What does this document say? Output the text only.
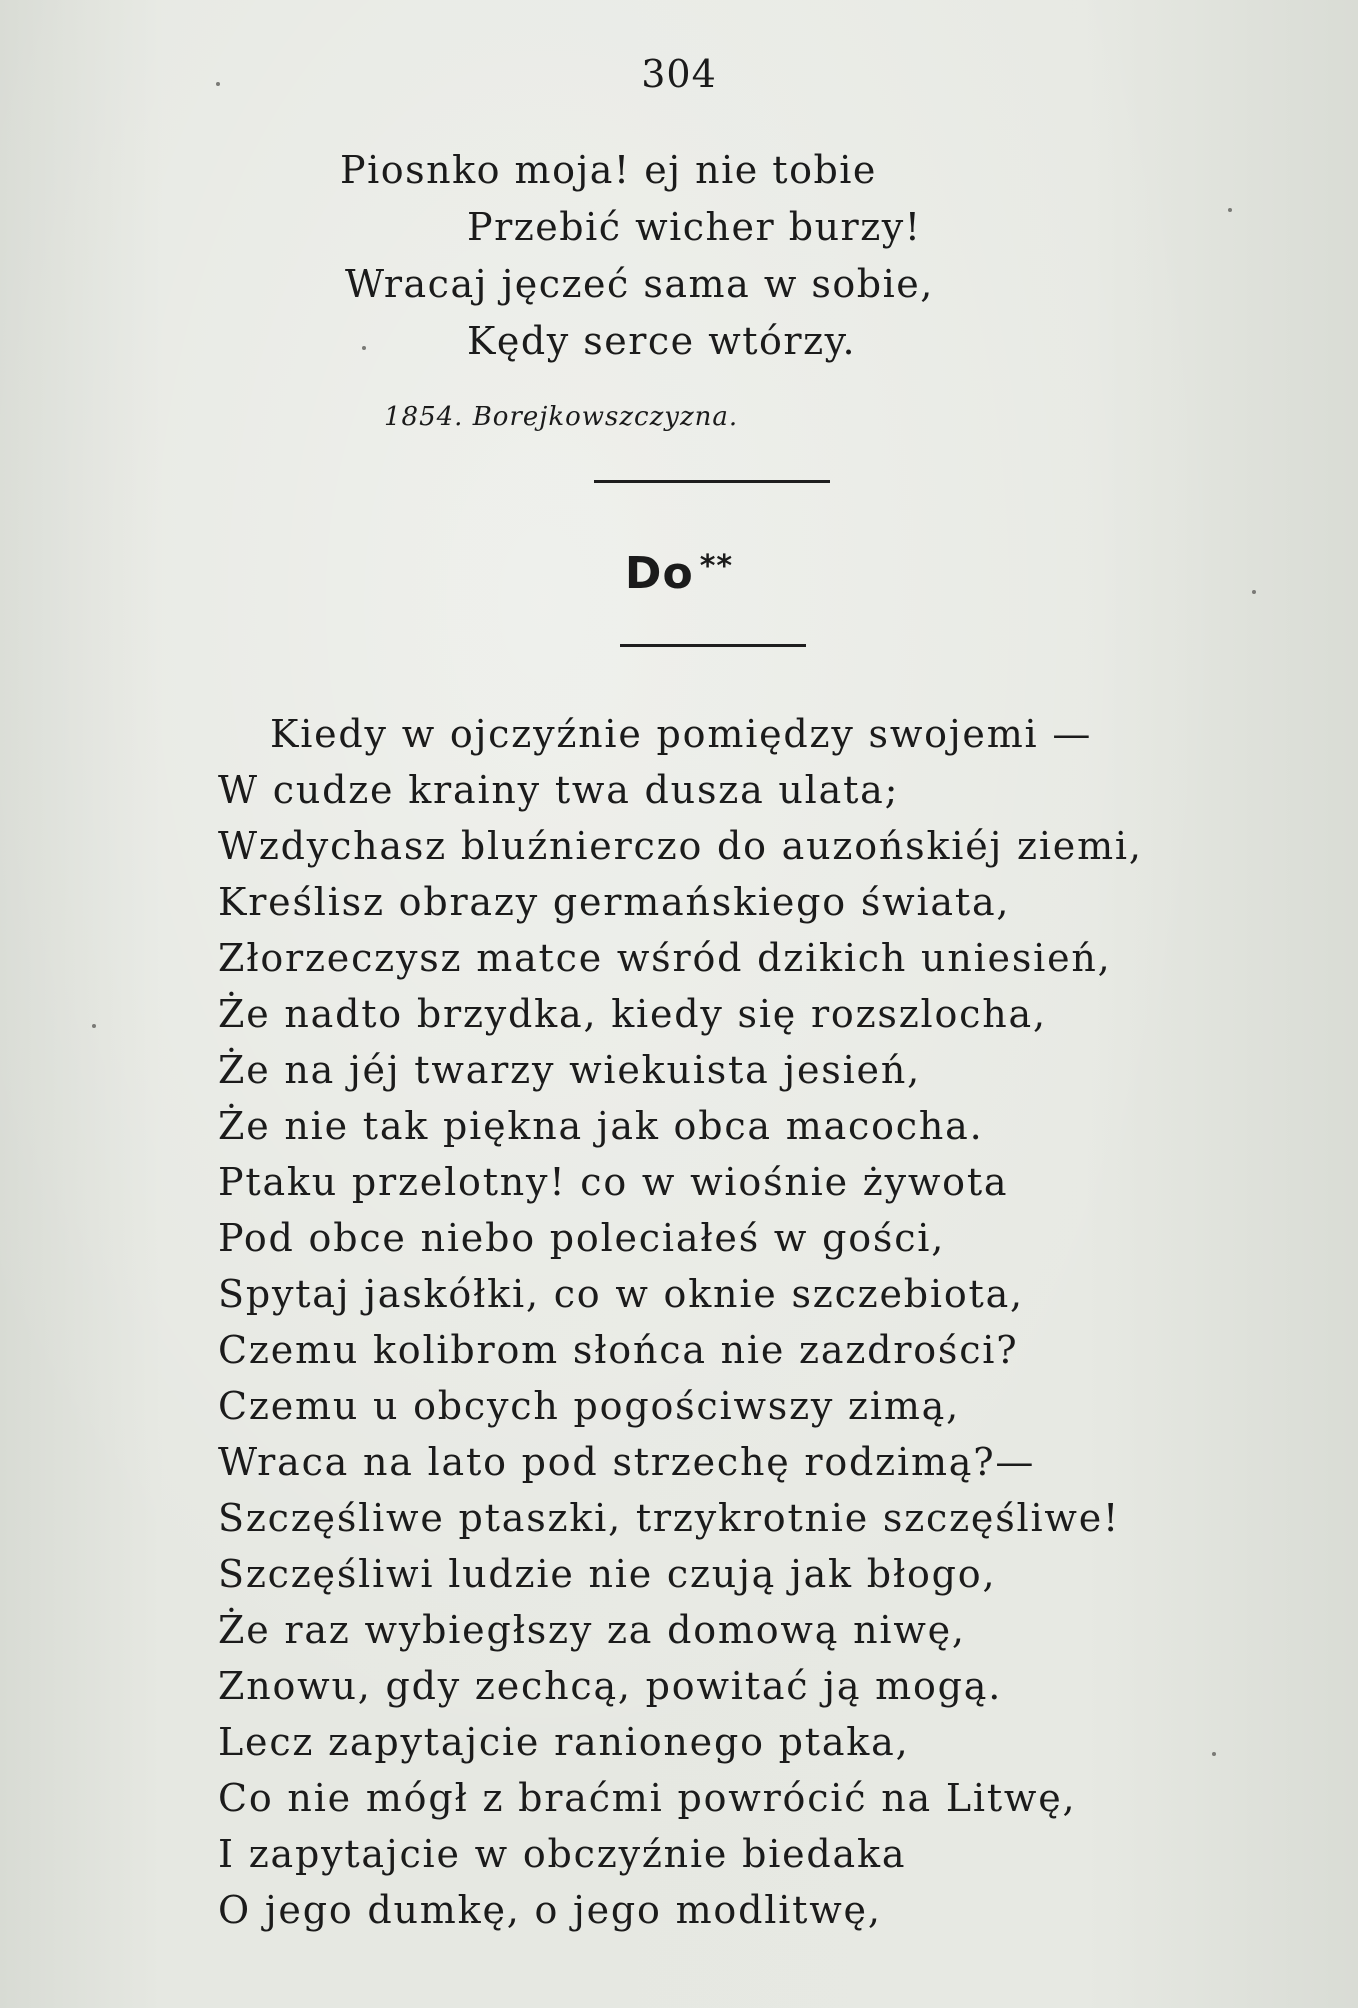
304

Piosnko moja! ej nie tobie

Przebić wicher burzy!

Wracaj jęczeć sama w sobie,

Kędy serce wtórzy.

1854. Borejkowszczyzna.
Do **
Kiedy w ojczyźnie pomiędzy swojemi —
W cudze krainy twa dusza ulata;
Wzdychasz bluźnierczo do auzońskiéj ziemi,
Kreślisz obrazy germańskiego świata,
Złorzeczysz matce wśród dzikich uniesień,
Że nadto brzydka, kiedy się rozszlocha,
Że na jéj twarzy wiekuista jesień,
Że nie tak piękna jak obca macocha.
Ptaku przelotny! co w wiośnie żywota
Pod obce niebo poleciałeś w gości,
Spytaj jaskółki, co w oknie szczebiota,
Czemu kolibrom słońca nie zazdrości?
Czemu u obcych pogościwszy zimą,
Wraca na lato pod strzechę rodzimą?—
Szczęśliwe ptaszki, trzykrotnie szczęśliwe!
Szczęśliwi ludzie nie czują jak błogo,
Że raz wybiegłszy za domową niwę,
Znowu, gdy zechcą, powitać ją mogą.
Lecz zapytajcie ranionego ptaka,
Co nie mógł z braćmi powrócić na Litwę,
I zapytajcie w obczyźnie biedaka
O jego dumkę, o jego modlitwę,
